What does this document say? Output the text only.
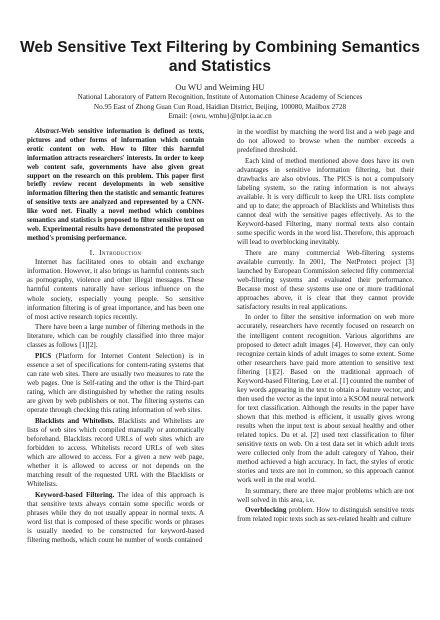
Web Sensitive Text Filtering by Combining Semantics and Statistics
Ou WU and Weiming HU
National Laboratory of Pattern Recognition, Institute of Automation Chinese Academy of Sciences
No.95 East of Zhong Guan Cun Road, Haidian District, Beijing, 100080, Mailbox 2728
Email: {owu, wmhu}@nlpr.ia.ac.cn

Abstract-Web sensitive information is defined as texts, pictures and other forms of information which contain erotic content on web. How to filter this harmful information attracts researchers' interests. In order to keep web content safe, governments have also given great support on the research on this problem. This paper first briefly review recent developments in web sensitive information filtering then the statistic and semantic features of sensitive texts are analyzed and represented by a CNN-like word net. Finally a novel method which combines semantics and statistics is proposed to filter sensitive text on web. Experimental results have demonstrated the proposed method's promising performance.

I. Introduction

Internet has facilitated ones to obtain and exchange information. However, it also brings us harmful contents such as pornography, violence and other illegal messages. These harmful contents naturally have serious influence on the whole society, especially young people. So sensitive information filtering is of great importance, and has been one of most active research topics recently.

There have been a large number of filtering methods in the literature, which can be roughly classified into three major classes as follows [1][2].

PICS (Platform for Internet Content Selection) is in essence a set of specifications for content-rating systems that can rate web sites. There are usually two measures to rate the web pages. One is Self-rating and the other is the Third-part rating, which are distinguished by whether the rating results are given by web publishers or not. The filtering systems can operate through checking this rating information of web sites.

Blacklists and Whitelists. Blacklists and Whitelists are lists of web sites which compiled manually or automatically beforehand. Blacklists record URLs of web sites which are forbidden to access. Whitelists record URLs of web sites which are allowed to access. For a given a new web page, whether it is allowed to access or not depends on the matching result of the requested URL with the Blacklists or Whitelists.

Keyword-based Filtering. The idea of this approach is that sensitive texts always contain some specific words or phrases while they do not usually appear in normal texts. A word list that is composed of these specific words or phrases is usually needed to be constructed for keyword-based filtering methods, which count he number of words contained

in the wordlist by matching the word list and a web page and do not allowed to browse when the number exceeds a predefined threshold.

Each kind of method mentioned above does have its own advantages in sensitive information filtering, but their drawbacks are also obvious. The PICS is not a compulsory labeling system, so the rating information is not always available. It is very difficult to keep the URL lists complete and up to date; the approach of Blacklists and Whitelists thus cannot deal with the sensitive pages effectively. As to the Keyword-based Filtering, many normal texts also contain some specific words in the word list. Therefore, this approach will lead to overblocking inevitably.

There are many commercial Web-filtering systems available currently. In 2001, The NetProtect project [3] launched by European Commission selected fifty commercial web-filtering systems and evaluated their performance. Because most of these systems use one or more traditional approaches above, it is clear that they cannot provide satisfactory results in real applications.

In order to filter the sensitive information on web more accurately, researchers have recently focused on research on the intelligent content recognition. Various algorithms are proposed to detect adult images [4]. However, they can only recognize certain kinds of adult images to some extent. Some other researchers have paid more attention to sensitive text filtering [1][2]. Based on the traditional approach of Keyword-based Filtering, Lee et al. [1] counted the number of key words appearing in the text to obtain a feature vector, and then used the vector as the input into a KSOM neural network for text classification. Although the results in the paper have shown that this method is efficient, it usually gives wrong results when the input text is about sexual healthy and other related topics. Du et al. [2] used text classification to filter sensitive texts on web. On a test data set in which adult texts were collected only from the adult category of Yahoo, their method achieved a high accuracy. In fact, the styles of erotic stories and texts are not in common, so this approach cannot work well in the real world.

In summary, there are three major problems which are not well solved in this area, i.e.

Overblocking problem. How to distinguish sensitive texts from related topic texts such as sex-related health and culture
